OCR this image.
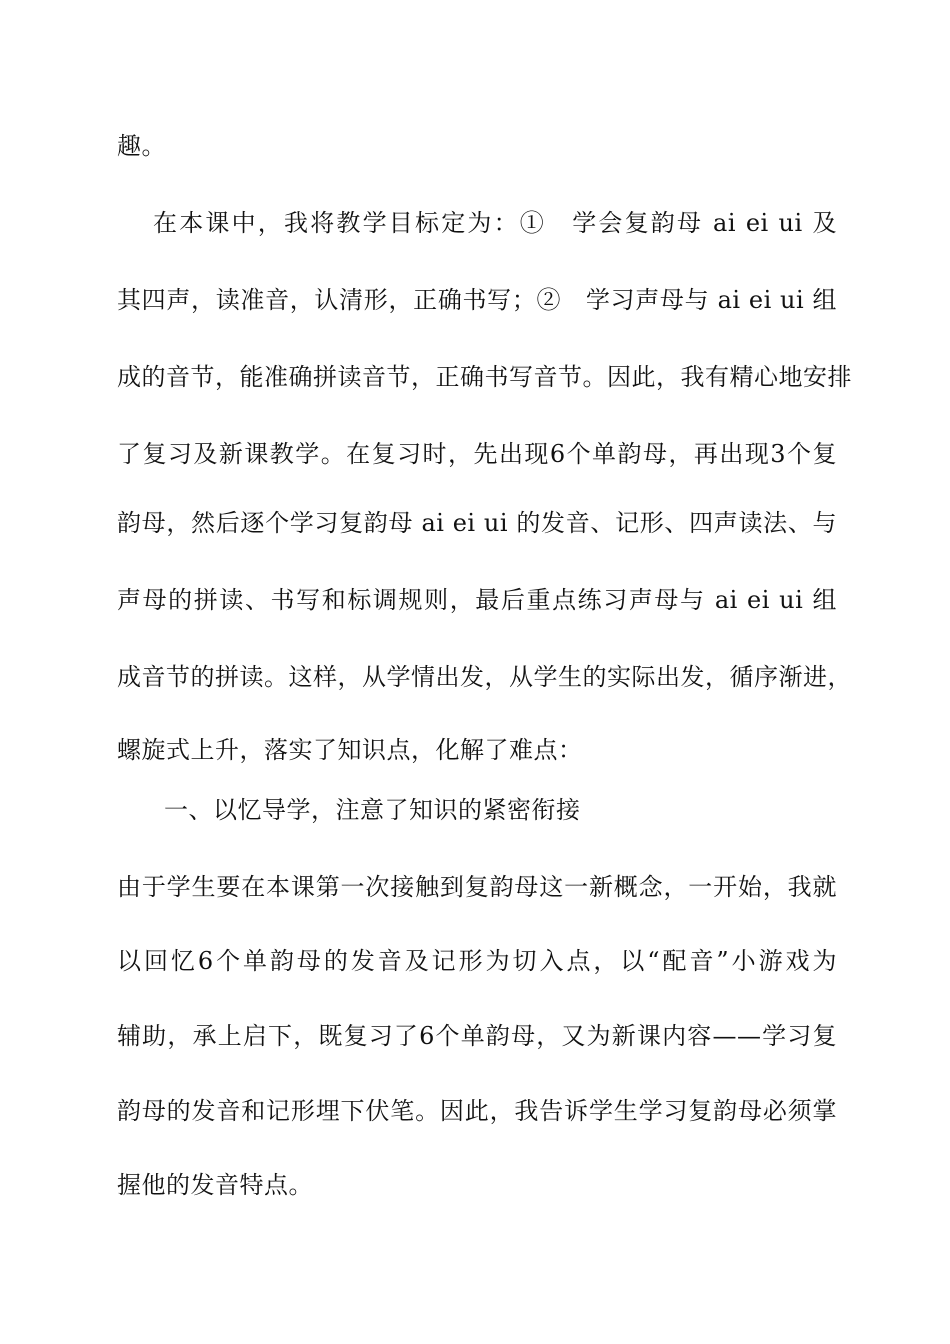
趣。
在本课中，我将教学目标定为：①　学会复韵母 ai ei ui 及
其四声，读准音，认清形，正确书写；②　学习声母与 ai ei ui 组
成的音节，能准确拼读音节，正确书写音节。因此，我有精心地安排
了复习及新课教学。在复习时，先出现6个单韵母，再出现3个复
韵母，然后逐个学习复韵母 ai ei ui 的发音、记形、四声读法、与
声母的拼读、书写和标调规则，最后重点练习声母与 ai ei ui 组
成音节的拼读。这样，从学情出发，从学生的实际出发，循序渐进，
螺旋式上升，落实了知识点，化解了难点：
一、以忆导学，注意了知识的紧密衔接
由于学生要在本课第一次接触到复韵母这一新概念，一开始，我就
以回忆6个单韵母的发音及记形为切入点，以“配音”小游戏为
辅助，承上启下，既复习了6个单韵母，又为新课内容——学习复
韵母的发音和记形埋下伏笔。因此，我告诉学生学习复韵母必须掌
握他的发音特点。
